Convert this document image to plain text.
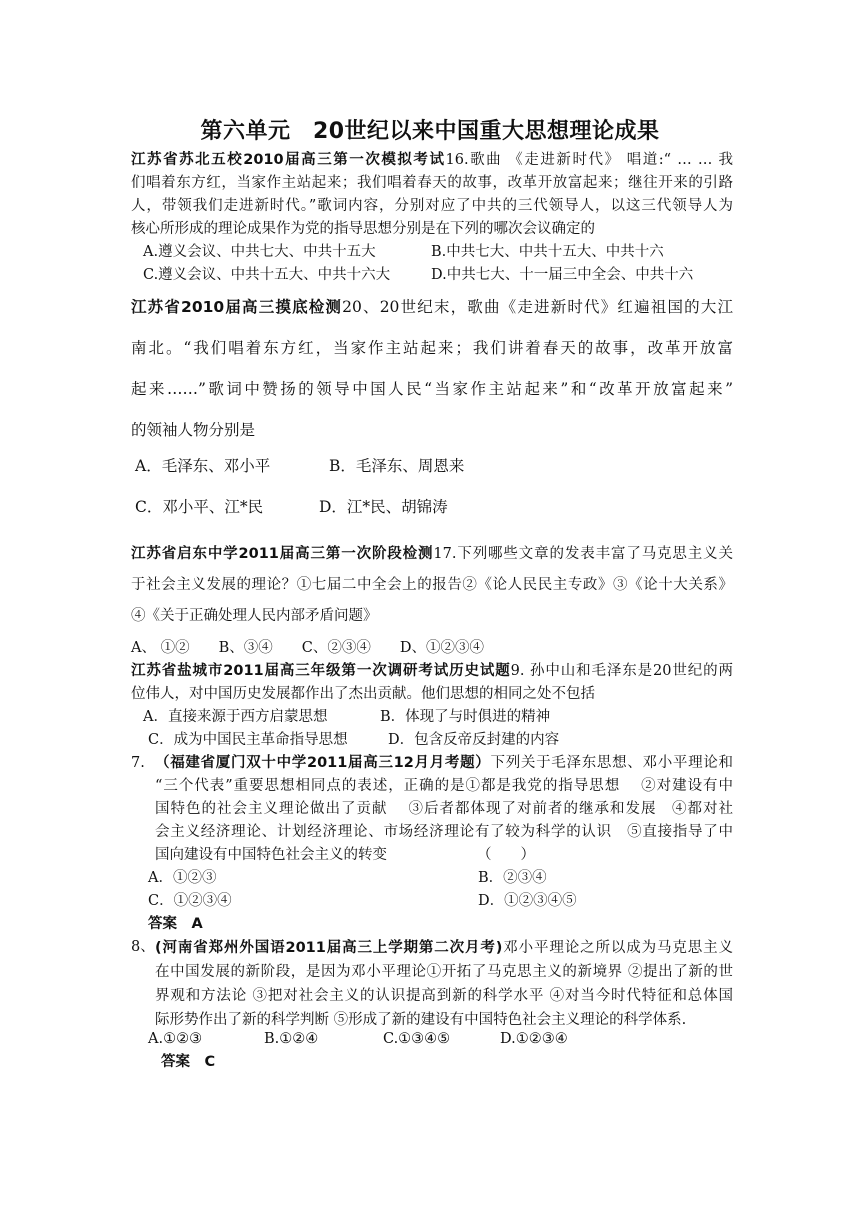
第六单元　20世纪以来中国重大思想理论成果
江苏省苏北五校2010届高三第一次模拟考试16.歌曲 《走进新时代》 唱道:“ … … 我
们唱着东方红，当家作主站起来；我们唱着春天的故事，改革开放富起来；继往开来的引路
人，带领我们走进新时代。”歌词内容，分别对应了中共的三代领导人，以这三代领导人为
核心所形成的理论成果作为党的指导思想分别是在下列的哪次会议确定的
A.遵义会议、中共七大、中共十五大	B.中共七大、中共十五大、中共十六
C.遵义会议、中共十五大、中共十六大	D.中共七大、十一届三中全会、中共十六
江苏省2010届高三摸底检测20、20世纪末，歌曲《走进新时代》红遍祖国的大江
南北。“我们唱着东方红，当家作主站起来；我们讲着春天的故事，改革开放富
起来……”歌词中赞扬的领导中国人民“当家作主站起来”和“改革开放富起来”
的领袖人物分别是
A．毛泽东、邓小平	B．毛泽东、周恩来
C．邓小平、江*民	D．江*民、胡锦涛
江苏省启东中学2011届高三第一次阶段检测17.下列哪些文章的发表丰富了马克思主义关
于社会主义发展的理论？①七届二中全会上的报告②《论人民民主专政》③《论十大关系》
④《关于正确处理人民内部矛盾问题》
A、 ①②　　B、③④　　C、②③④　　D、①②③④
江苏省盐城市2011届高三年级第一次调研考试历史试题9. 孙中山和毛泽东是20世纪的两
位伟人，对中国历史发展都作出了杰出贡献。他们思想的相同之处不包括
A．直接来源于西方启蒙思想	B．体现了与时俱进的精神
C．成为中国民主革命指导思想	D．包含反帝反封建的内容
7. （福建省厦门双十中学2011届高三12月月考题）下列关于毛泽东思想、邓小平理论和
“三个代表”重要思想相同点的表述，正确的是①都是我党的指导思想　 ②对建设有中
国特色的社会主义理论做出了贡献　 ③后者都体现了对前者的继承和发展　④都对社
会主义经济理论、计划经济理论、市场经济理论有了较为科学的认识　⑤直接指导了中
国向建设有中国特色社会主义的转变	（　　）
A．①②③	B．②③④
C．①②③④	D．①②③④⑤
答案　A
8、 (河南省郑州外国语2011届高三上学期第二次月考)邓小平理论之所以成为马克思主义
在中国发展的新阶段，是因为邓小平理论①开拓了马克思主义的新境界 ②提出了新的世
界观和方法论 ③把对社会主义的认识提高到新的科学水平 ④对当今时代特征和总体国
际形势作出了新的科学判断 ⑤形成了新的建设有中国特色社会主义理论的科学体系.
A.①②③	B.①②④	C.①③④⑤	D.①②③④
答案　C
